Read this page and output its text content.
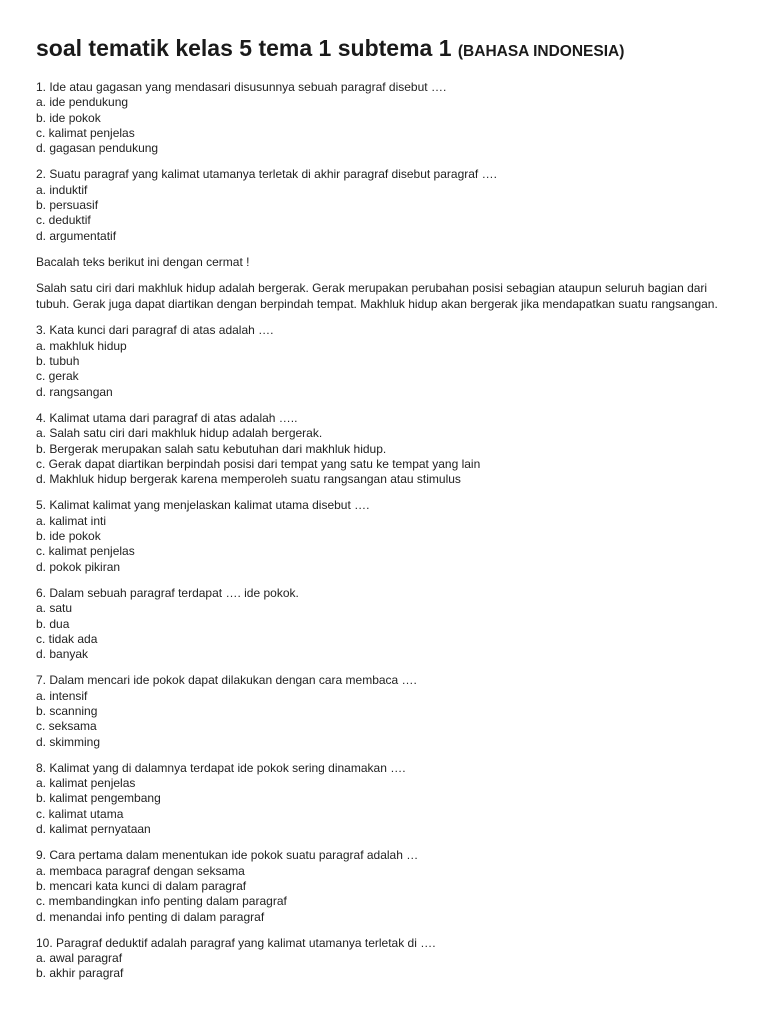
soal tematik kelas 5 tema 1 subtema 1 (BAHASA INDONESIA)
1. Ide atau gagasan yang mendasari disusunnya sebuah paragraf disebut ….
a. ide pendukung
b. ide pokok
c. kalimat penjelas
d. gagasan pendukung
2. Suatu paragraf yang kalimat utamanya terletak di akhir paragraf disebut paragraf ….
a. induktif
b. persuasif
c. deduktif
d. argumentatif
Bacalah teks berikut ini dengan cermat !
Salah satu ciri dari makhluk hidup adalah bergerak. Gerak merupakan perubahan posisi sebagian ataupun seluruh bagian dari tubuh. Gerak juga dapat diartikan dengan berpindah tempat. Makhluk hidup akan bergerak jika mendapatkan suatu rangsangan.
3. Kata kunci dari paragraf di atas adalah ….
a. makhluk hidup
b. tubuh
c. gerak
d. rangsangan
4. Kalimat utama dari paragraf di atas adalah …..
a. Salah satu ciri dari makhluk hidup adalah bergerak.
b. Bergerak merupakan salah satu kebutuhan dari makhluk hidup.
c. Gerak dapat diartikan berpindah posisi dari tempat yang satu ke tempat yang lain
d. Makhluk hidup bergerak karena memperoleh suatu rangsangan atau stimulus
5. Kalimat kalimat yang menjelaskan kalimat utama disebut ….
a. kalimat inti
b. ide pokok
c. kalimat penjelas
d. pokok pikiran
6. Dalam sebuah paragraf terdapat …. ide pokok.
a. satu
b. dua
c. tidak ada
d. banyak
7. Dalam mencari ide pokok dapat dilakukan dengan cara membaca ….
a. intensif
b. scanning
c. seksama
d. skimming
8. Kalimat yang di dalamnya terdapat ide pokok sering dinamakan ….
a. kalimat penjelas
b. kalimat pengembang
c. kalimat utama
d. kalimat pernyataan
9. Cara pertama dalam menentukan ide pokok suatu paragraf adalah …
a. membaca paragraf dengan seksama
b. mencari kata kunci di dalam paragraf
c. membandingkan info penting dalam paragraf
d. menandai info penting di dalam paragraf
10. Paragraf deduktif adalah paragraf yang kalimat utamanya terletak di ….
a. awal paragraf
b. akhir paragraf
